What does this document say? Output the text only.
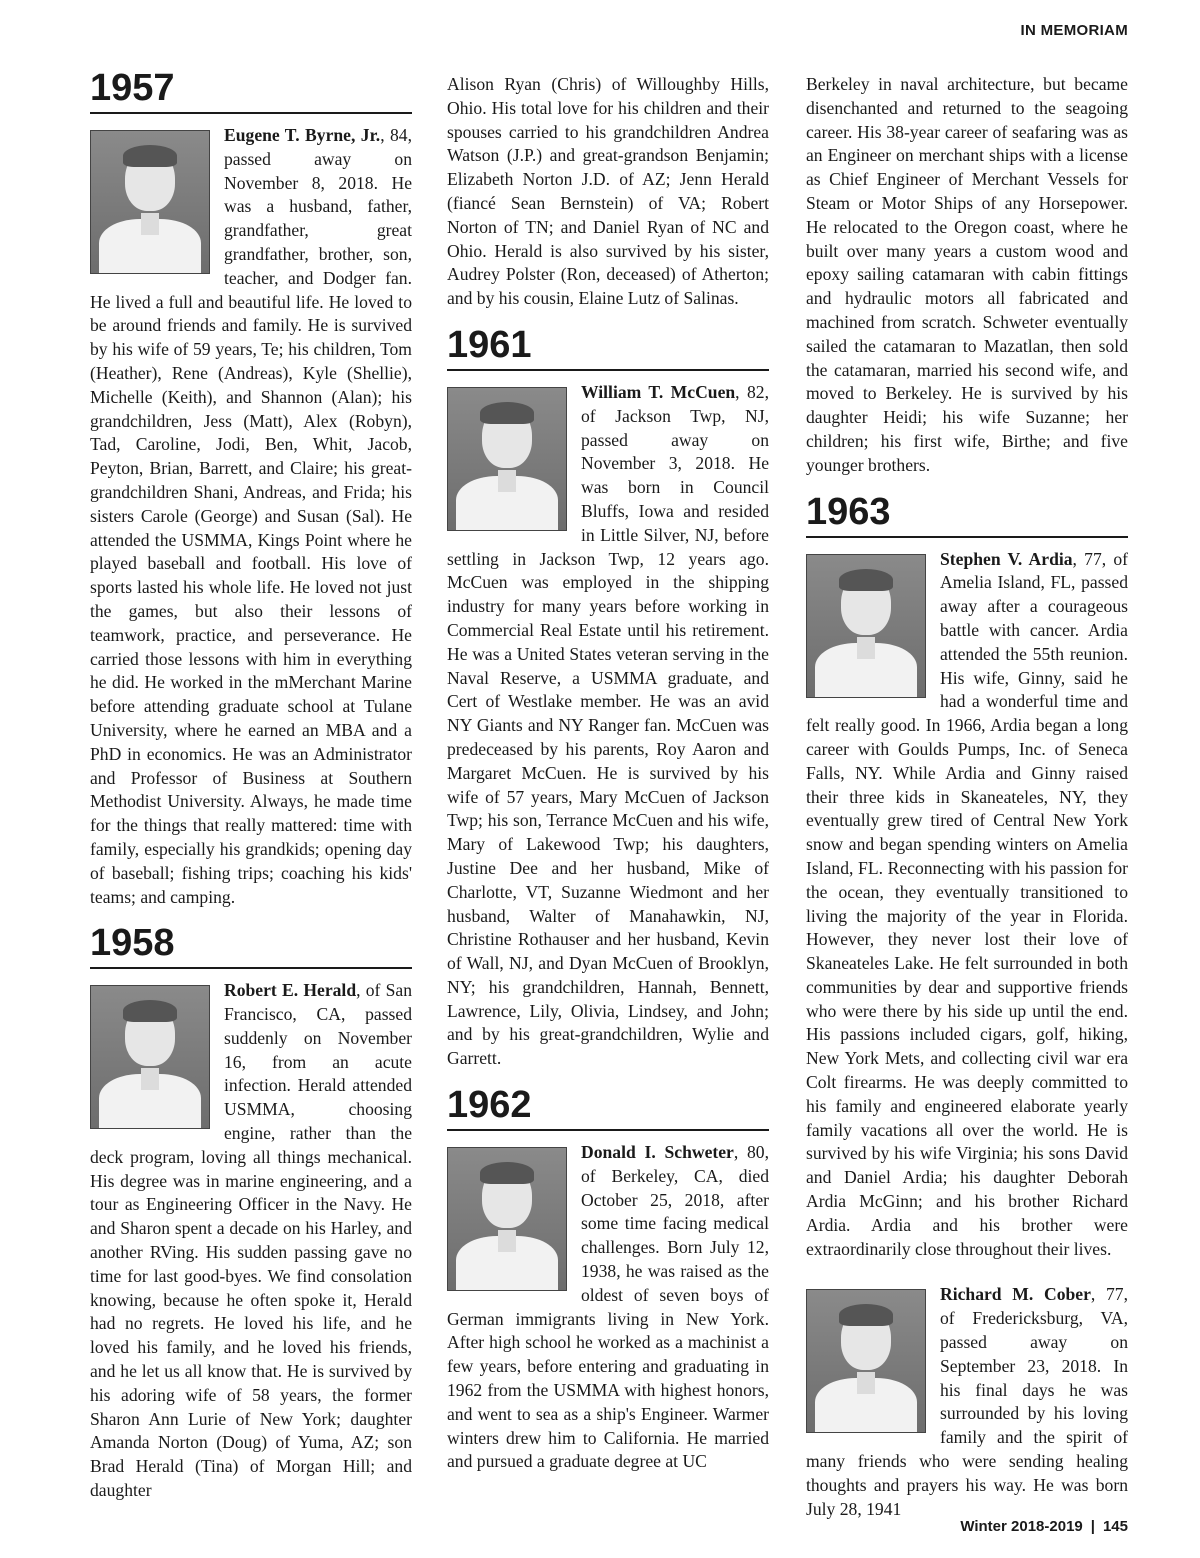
IN MEMORIAM
1957

Eugene T. Byrne, Jr., 84, passed away on November 8, 2018. He was a husband, father, grandfather, great grandfather, brother, son, teacher, and Dodger fan. He lived a full and beautiful life. He loved to be around friends and family. He is survived by his wife of 59 years, Te; his children, Tom (Heather), Rene (Andreas), Kyle (Shellie), Michelle (Keith), and Shannon (Alan); his grandchildren, Jess (Matt), Alex (Robyn), Tad, Caroline, Jodi, Ben, Whit, Jacob, Peyton, Brian, Barrett, and Claire; his great-grandchildren Shani, Andreas, and Frida; his sisters Carole (George) and Susan (Sal). He attended the USMMA, Kings Point where he played baseball and football. His love of sports lasted his whole life. He loved not just the games, but also their lessons of teamwork, practice, and perseverance. He carried those lessons with him in everything he did. He worked in the mMerchant Marine before attending graduate school at Tulane University, where he earned an MBA and a PhD in economics. He was an Administrator and Professor of Business at Southern Methodist University. Always, he made time for the things that really mattered: time with family, especially his grandkids; opening day of baseball; fishing trips; coaching his kids' teams; and camping.

1958

Robert E. Herald, of San Francisco, CA, passed suddenly on November 16, from an acute infection. Herald attended USMMA, choosing engine, rather than the deck program, loving all things mechanical. His degree was in marine engineering, and a tour as Engineering Officer in the Navy. He and Sharon spent a decade on his Harley, and another RVing. His sudden passing gave no time for last good-byes. We find consolation knowing, because he often spoke it, Herald had no regrets. He loved his life, and he loved his family, and he loved his friends, and he let us all know that. He is survived by his adoring wife of 58 years, the former Sharon Ann Lurie of New York; daughter Amanda Norton (Doug) of Yuma, AZ; son Brad Herald (Tina) of Morgan Hill; and daughter

Alison Ryan (Chris) of Willoughby Hills, Ohio. His total love for his children and their spouses carried to his grandchildren Andrea Watson (J.P.) and great-grandson Benjamin; Elizabeth Norton J.D. of AZ; Jenn Herald (fiancé Sean Bernstein) of VA; Robert Norton of TN; and Daniel Ryan of NC and Ohio. Herald is also survived by his sister, Audrey Polster (Ron, deceased) of Atherton; and by his cousin, Elaine Lutz of Salinas.

1961

William T. McCuen, 82, of Jackson Twp, NJ, passed away on November 3, 2018. He was born in Council Bluffs, Iowa and resided in Little Silver, NJ, before settling in Jackson Twp, 12 years ago. McCuen was employed in the shipping industry for many years before working in Commercial Real Estate until his retirement. He was a United States veteran serving in the Naval Reserve, a USMMA graduate, and Cert of Westlake member. He was an avid NY Giants and NY Ranger fan. McCuen was predeceased by his parents, Roy Aaron and Margaret McCuen. He is survived by his wife of 57 years, Mary McCuen of Jackson Twp; his son, Terrance McCuen and his wife, Mary of Lakewood Twp; his daughters, Justine Dee and her husband, Mike of Charlotte, VT, Suzanne Wiedmont and her husband, Walter of Manahawkin, NJ, Christine Rothauser and her husband, Kevin of Wall, NJ, and Dyan McCuen of Brooklyn, NY; his grandchildren, Hannah, Bennett, Lawrence, Lily, Olivia, Lindsey, and John; and by his great-grandchildren, Wylie and Garrett.

1962

Donald I. Schweter, 80, of Berkeley, CA, died October 25, 2018, after some time facing medical challenges. Born July 12, 1938, he was raised as the oldest of seven boys of German immigrants living in New York. After high school he worked as a machinist a few years, before entering and graduating in 1962 from the USMMA with highest honors, and went to sea as a ship's Engineer. Warmer winters drew him to California. He married and pursued a graduate degree at UC

Berkeley in naval architecture, but became disenchanted and returned to the seagoing career. His 38-year career of seafaring was as an Engineer on merchant ships with a license as Chief Engineer of Merchant Vessels for Steam or Motor Ships of any Horsepower. He relocated to the Oregon coast, where he built over many years a custom wood and epoxy sailing catamaran with cabin fittings and hydraulic motors all fabricated and machined from scratch. Schweter eventually sailed the catamaran to Mazatlan, then sold the catamaran, married his second wife, and moved to Berkeley. He is survived by his daughter Heidi; his wife Suzanne; her children; his first wife, Birthe; and five younger brothers.

1963

Stephen V. Ardia, 77, of Amelia Island, FL, passed away after a courageous battle with cancer. Ardia attended the 55th reunion. His wife, Ginny, said he had a wonderful time and felt really good. In 1966, Ardia began a long career with Goulds Pumps, Inc. of Seneca Falls, NY. While Ardia and Ginny raised their three kids in Skaneateles, NY, they eventually grew tired of Central New York snow and began spending winters on Amelia Island, FL. Reconnecting with his passion for the ocean, they eventually transitioned to living the majority of the year in Florida. However, they never lost their love of Skaneateles Lake. He felt surrounded in both communities by dear and supportive friends who were there by his side up until the end. His passions included cigars, golf, hiking, New York Mets, and collecting civil war era Colt firearms. He was deeply committed to his family and engineered elaborate yearly family vacations all over the world. He is survived by his wife Virginia; his sons David and Daniel Ardia; his daughter Deborah Ardia McGinn; and his brother Richard Ardia. Ardia and his brother were extraordinarily close throughout their lives.

Richard M. Cober, 77, of Fredericksburg, VA, passed away on September 23, 2018. In his final days he was surrounded by his loving family and the spirit of many friends who were sending healing thoughts and prayers his way. He was born July 28, 1941

Winter 2018-2019 | 145
